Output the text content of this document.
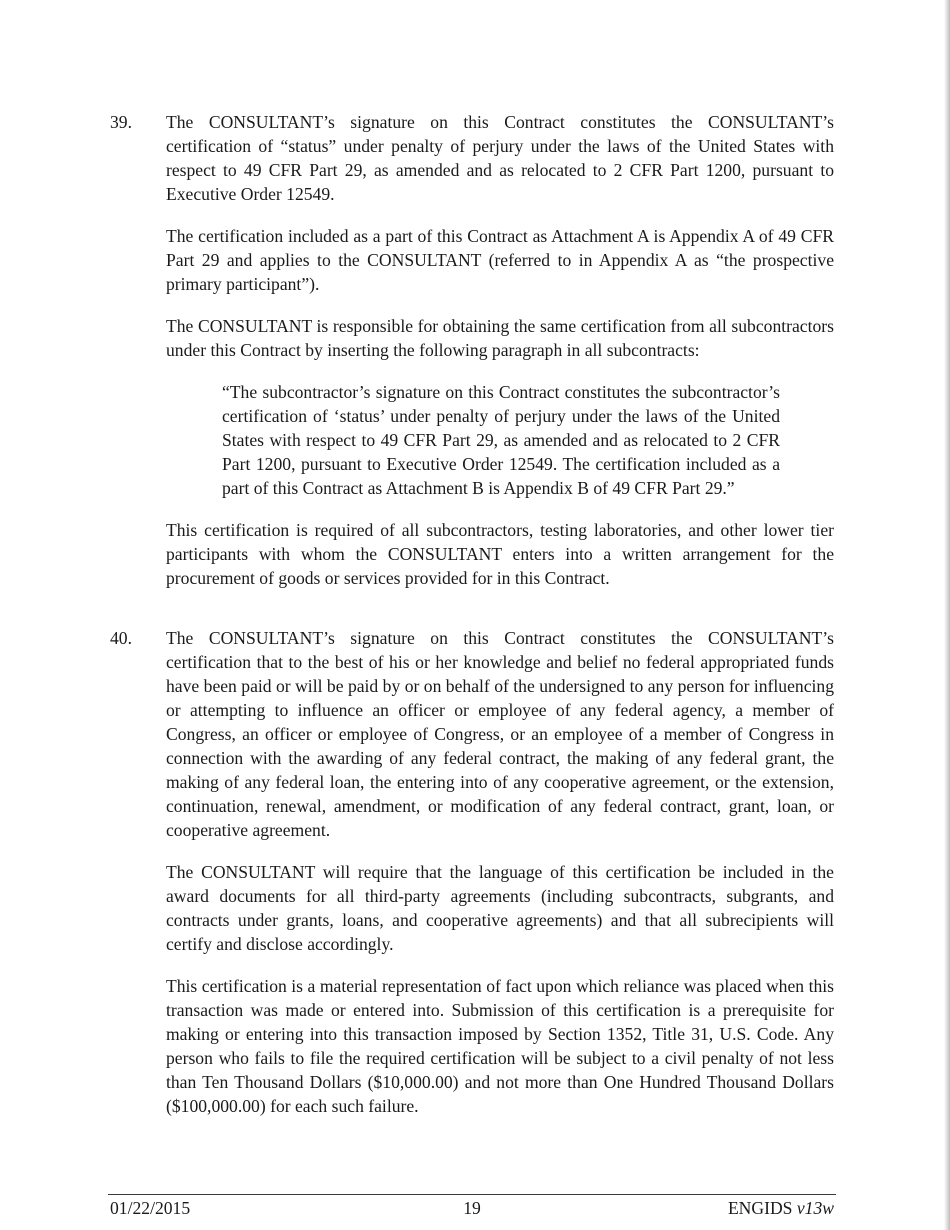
39. The CONSULTANT’s signature on this Contract constitutes the CONSULTANT’s certification of “status” under penalty of perjury under the laws of the United States with respect to 49 CFR Part 29, as amended and as relocated to 2 CFR Part 1200, pursuant to Executive Order 12549.

The certification included as a part of this Contract as Attachment A is Appendix A of 49 CFR Part 29 and applies to the CONSULTANT (referred to in Appendix A as “the prospective primary participant”).

The CONSULTANT is responsible for obtaining the same certification from all subcontractors under this Contract by inserting the following paragraph in all subcontracts:

“The subcontractor’s signature on this Contract constitutes the subcontractor’s certification of ‘status’ under penalty of perjury under the laws of the United States with respect to 49 CFR Part 29, as amended and as relocated to 2 CFR Part 1200, pursuant to Executive Order 12549. The certification included as a part of this Contract as Attachment B is Appendix B of 49 CFR Part 29.”

This certification is required of all subcontractors, testing laboratories, and other lower tier participants with whom the CONSULTANT enters into a written arrangement for the procurement of goods or services provided for in this Contract.

40. The CONSULTANT’s signature on this Contract constitutes the CONSULTANT’s certification that to the best of his or her knowledge and belief no federal appropriated funds have been paid or will be paid by or on behalf of the undersigned to any person for influencing or attempting to influence an officer or employee of any federal agency, a member of Congress, an officer or employee of Congress, or an employee of a member of Congress in connection with the awarding of any federal contract, the making of any federal grant, the making of any federal loan, the entering into of any cooperative agreement, or the extension, continuation, renewal, amendment, or modification of any federal contract, grant, loan, or cooperative agreement.

The CONSULTANT will require that the language of this certification be included in the award documents for all third-party agreements (including subcontracts, subgrants, and contracts under grants, loans, and cooperative agreements) and that all subrecipients will certify and disclose accordingly.

This certification is a material representation of fact upon which reliance was placed when this transaction was made or entered into. Submission of this certification is a prerequisite for making or entering into this transaction imposed by Section 1352, Title 31, U.S. Code. Any person who fails to file the required certification will be subject to a civil penalty of not less than Ten Thousand Dollars ($10,000.00) and not more than One Hundred Thousand Dollars ($100,000.00) for each such failure.

01/22/2015	19	ENGIDS v13w
